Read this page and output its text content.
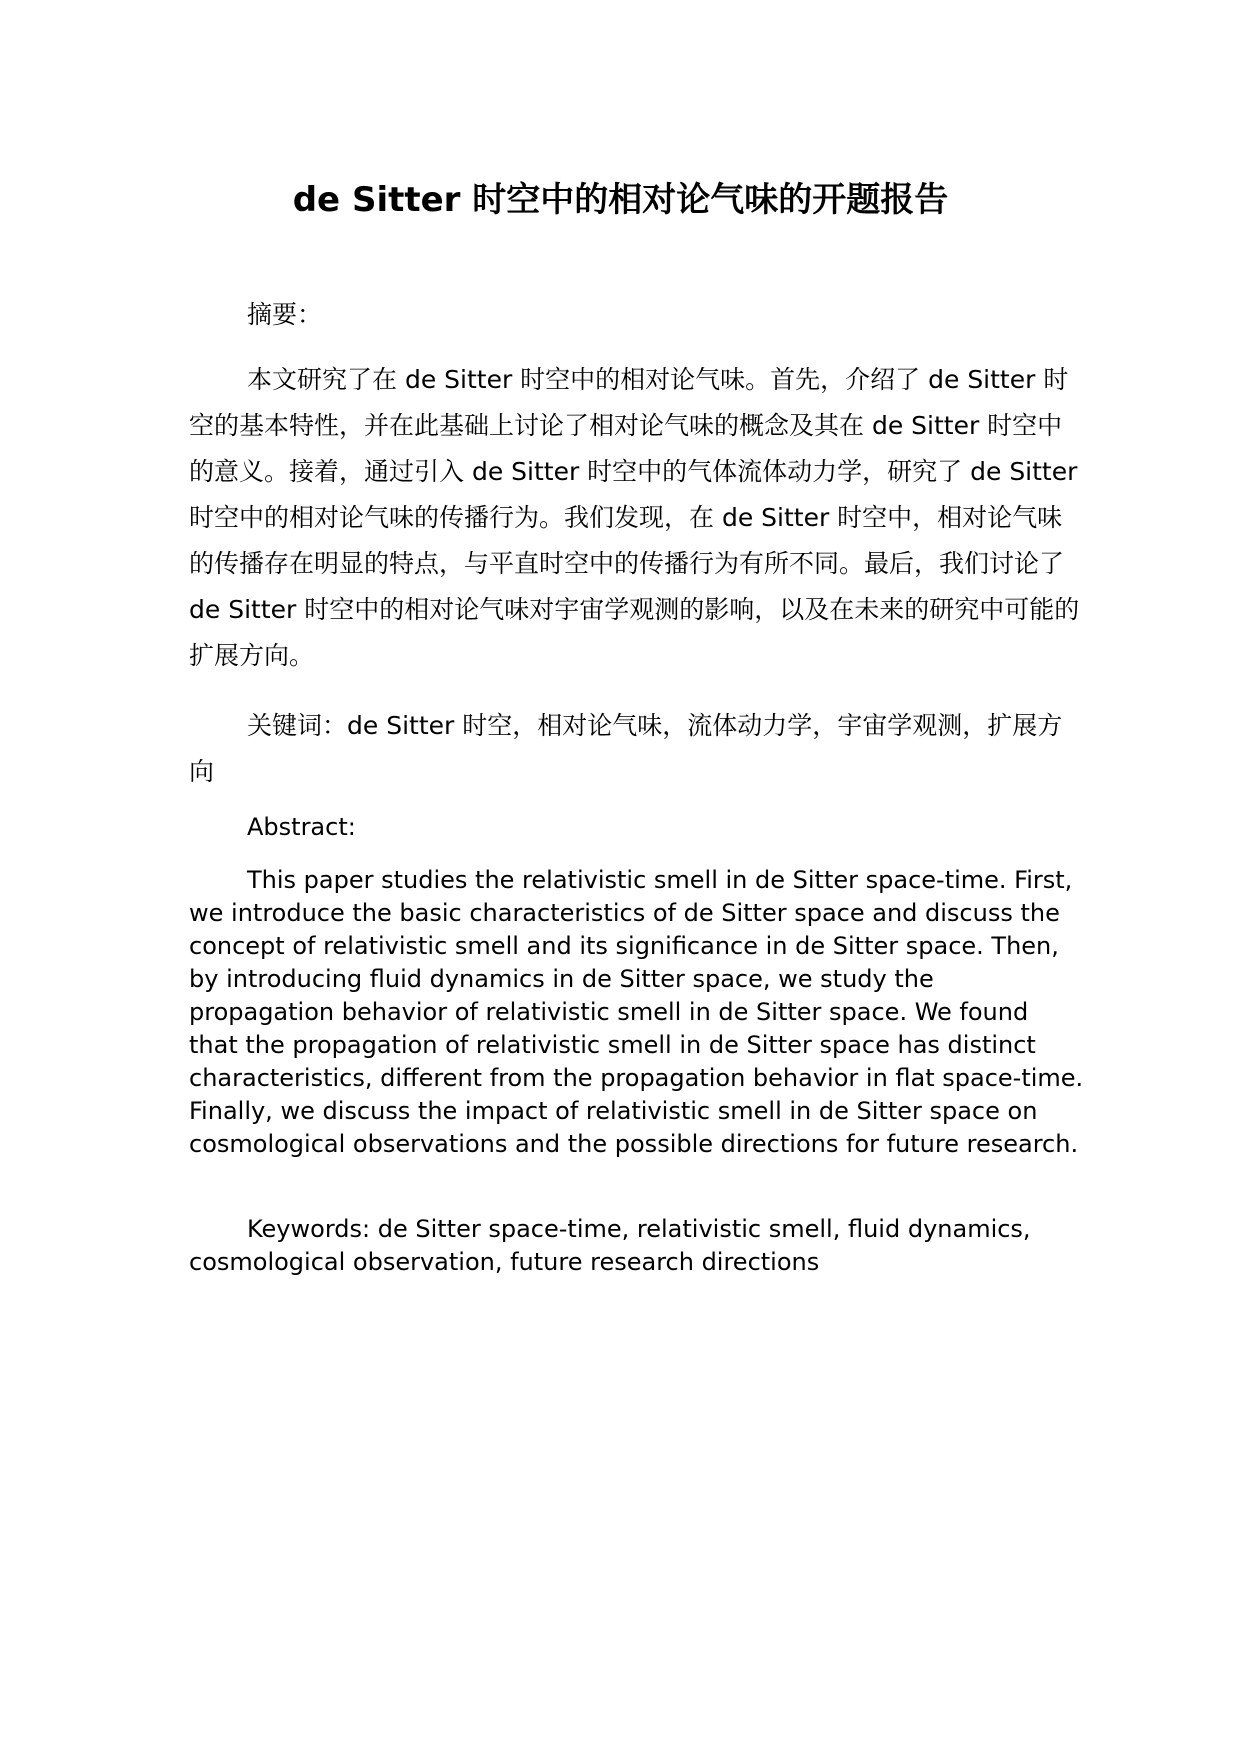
de Sitter 时空中的相对论气味的开题报告

摘要：

本文研究了在 de Sitter 时空中的相对论气味。首先，介绍了 de Sitter 时空的基本特性，并在此基础上讨论了相对论气味的概念及其在 de Sitter 时空中的意义。接着，通过引入 de Sitter 时空中的气体流体动力学，研究了 de Sitter 时空中的相对论气味的传播行为。我们发现，在 de Sitter 时空中，相对论气味的传播存在明显的特点，与平直时空中的传播行为有所不同。最后，我们讨论了 de Sitter 时空中的相对论气味对宇宙学观测的影响，以及在未来的研究中可能的扩展方向。

关键词：de Sitter 时空，相对论气味，流体动力学，宇宙学观测，扩展方向

Abstract:

This paper studies the relativistic smell in de Sitter space-time. First, we introduce the basic characteristics of de Sitter space and discuss the concept of relativistic smell and its significance in de Sitter space. Then, by introducing fluid dynamics in de Sitter space, we study the propagation behavior of relativistic smell in de Sitter space. We found that the propagation of relativistic smell in de Sitter space has distinct characteristics, different from the propagation behavior in flat space-time. Finally, we discuss the impact of relativistic smell in de Sitter space on cosmological observations and the possible directions for future research.

Keywords: de Sitter space-time, relativistic smell, fluid dynamics, cosmological observation, future research directions
